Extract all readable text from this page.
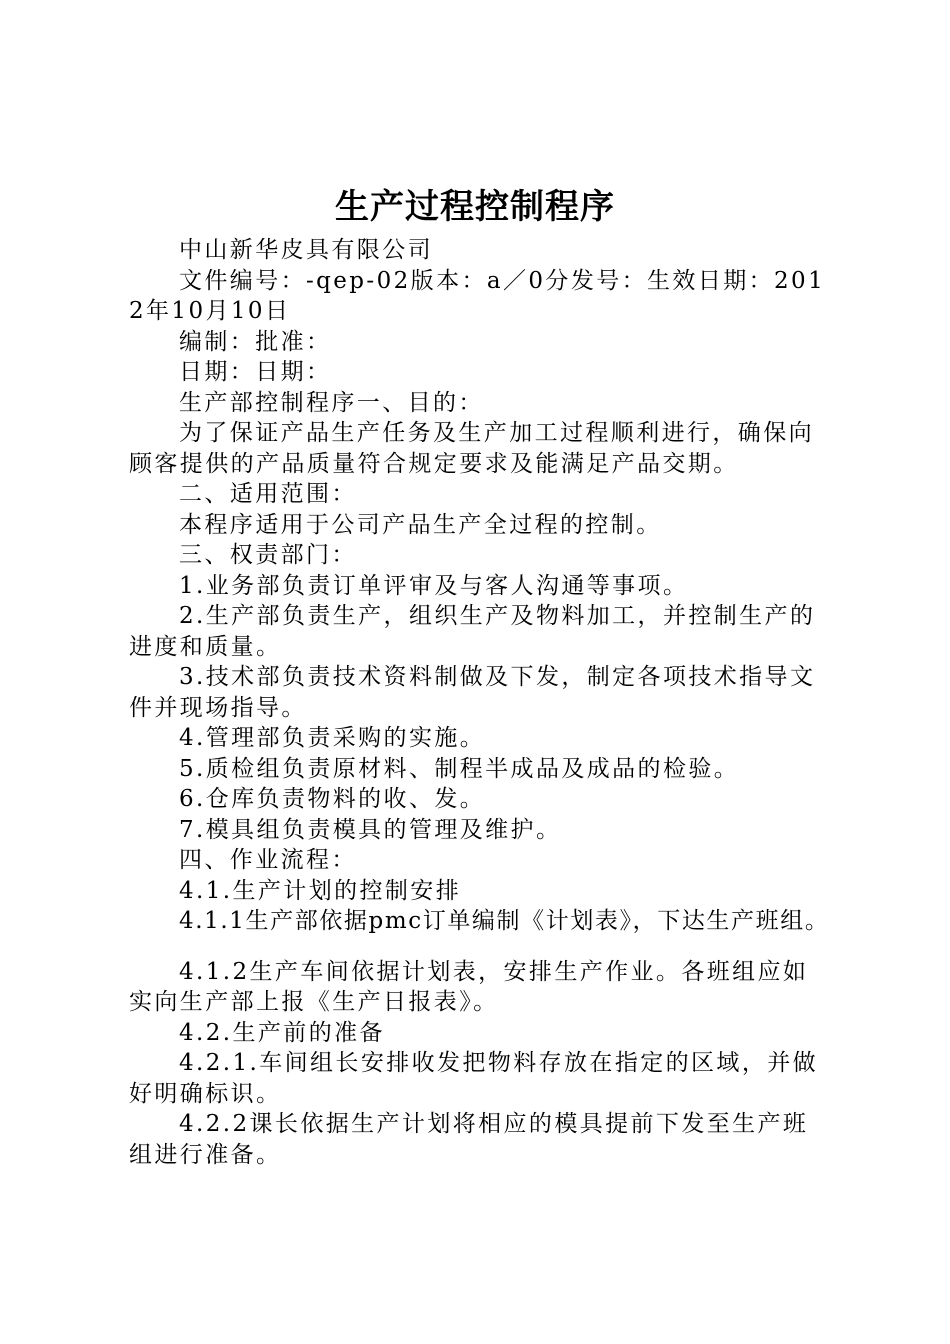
生产过程控制程序

中山新华皮具有限公司

文件编号：-qep-02版本：a／0分发号：生效日期：2012年10月10日

编制：批准：

日期：日期：

生产部控制程序一、目的：

为了保证产品生产任务及生产加工过程顺利进行，确保向顾客提供的产品质量符合规定要求及能满足产品交期。

二、适用范围：

本程序适用于公司产品生产全过程的控制。

三、权责部门：

1.业务部负责订单评审及与客人沟通等事项。

2.生产部负责生产，组织生产及物料加工，并控制生产的进度和质量。

3.技术部负责技术资料制做及下发，制定各项技术指导文件并现场指导。

4.管理部负责采购的实施。

5.质检组负责原材料、制程半成品及成品的检验。

6.仓库负责物料的收、发。

7.模具组负责模具的管理及维护。

四、作业流程：

4.1.生产计划的控制安排

4.1.1生产部依据pmc订单编制《计划表》，下达生产班组。

4.1.2生产车间依据计划表，安排生产作业。各班组应如实向生产部上报《生产日报表》。

4.2.生产前的准备

4.2.1.车间组长安排收发把物料存放在指定的区域，并做好明确标识。

4.2.2课长依据生产计划将相应的模具提前下发至生产班组进行准备。
